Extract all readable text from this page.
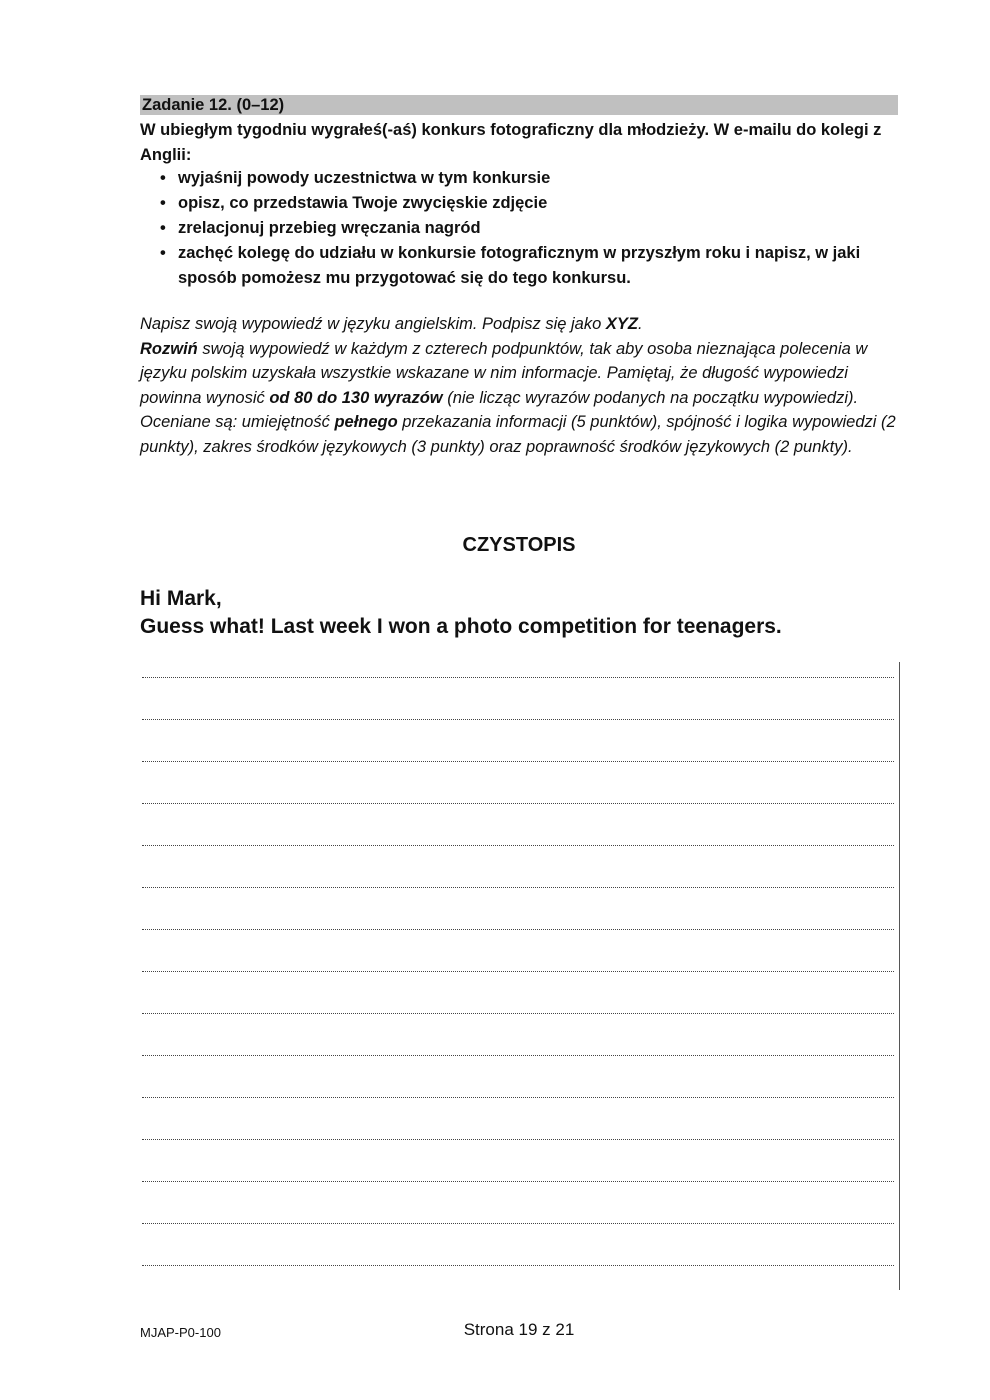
Zadanie 12. (0–12)

W ubiegłym tygodniu wygrałeś(-aś) konkurs fotograficzny dla młodzieży. W e-mailu do kolegi z Anglii:

• wyjaśnij powody uczestnictwa w tym konkursie
• opisz, co przedstawia Twoje zwycięskie zdjęcie
• zrelacjonuj przebieg wręczania nagród
• zachęć kolegę do udziału w konkursie fotograficznym w przyszłym roku i napisz, w jaki sposób pomożesz mu przygotować się do tego konkursu.

Napisz swoją wypowiedź w języku angielskim. Podpisz się jako XYZ.

Rozwiń swoją wypowiedź w każdym z czterech podpunktów, tak aby osoba nieznająca polecenia w języku polskim uzyskała wszystkie wskazane w nim informacje. Pamiętaj, że długość wypowiedzi powinna wynosić od 80 do 130 wyrazów (nie licząc wyrazów podanych na początku wypowiedzi). Oceniane są: umiejętność pełnego przekazania informacji (5 punktów), spójność i logika wypowiedzi (2 punkty), zakres środków językowych (3 punkty) oraz poprawność środków językowych (2 punkty).

CZYSTOPIS
Hi Mark,
Guess what! Last week I won a photo competition for teenagers.
MJAP-P0-100	Strona 19 z 21
